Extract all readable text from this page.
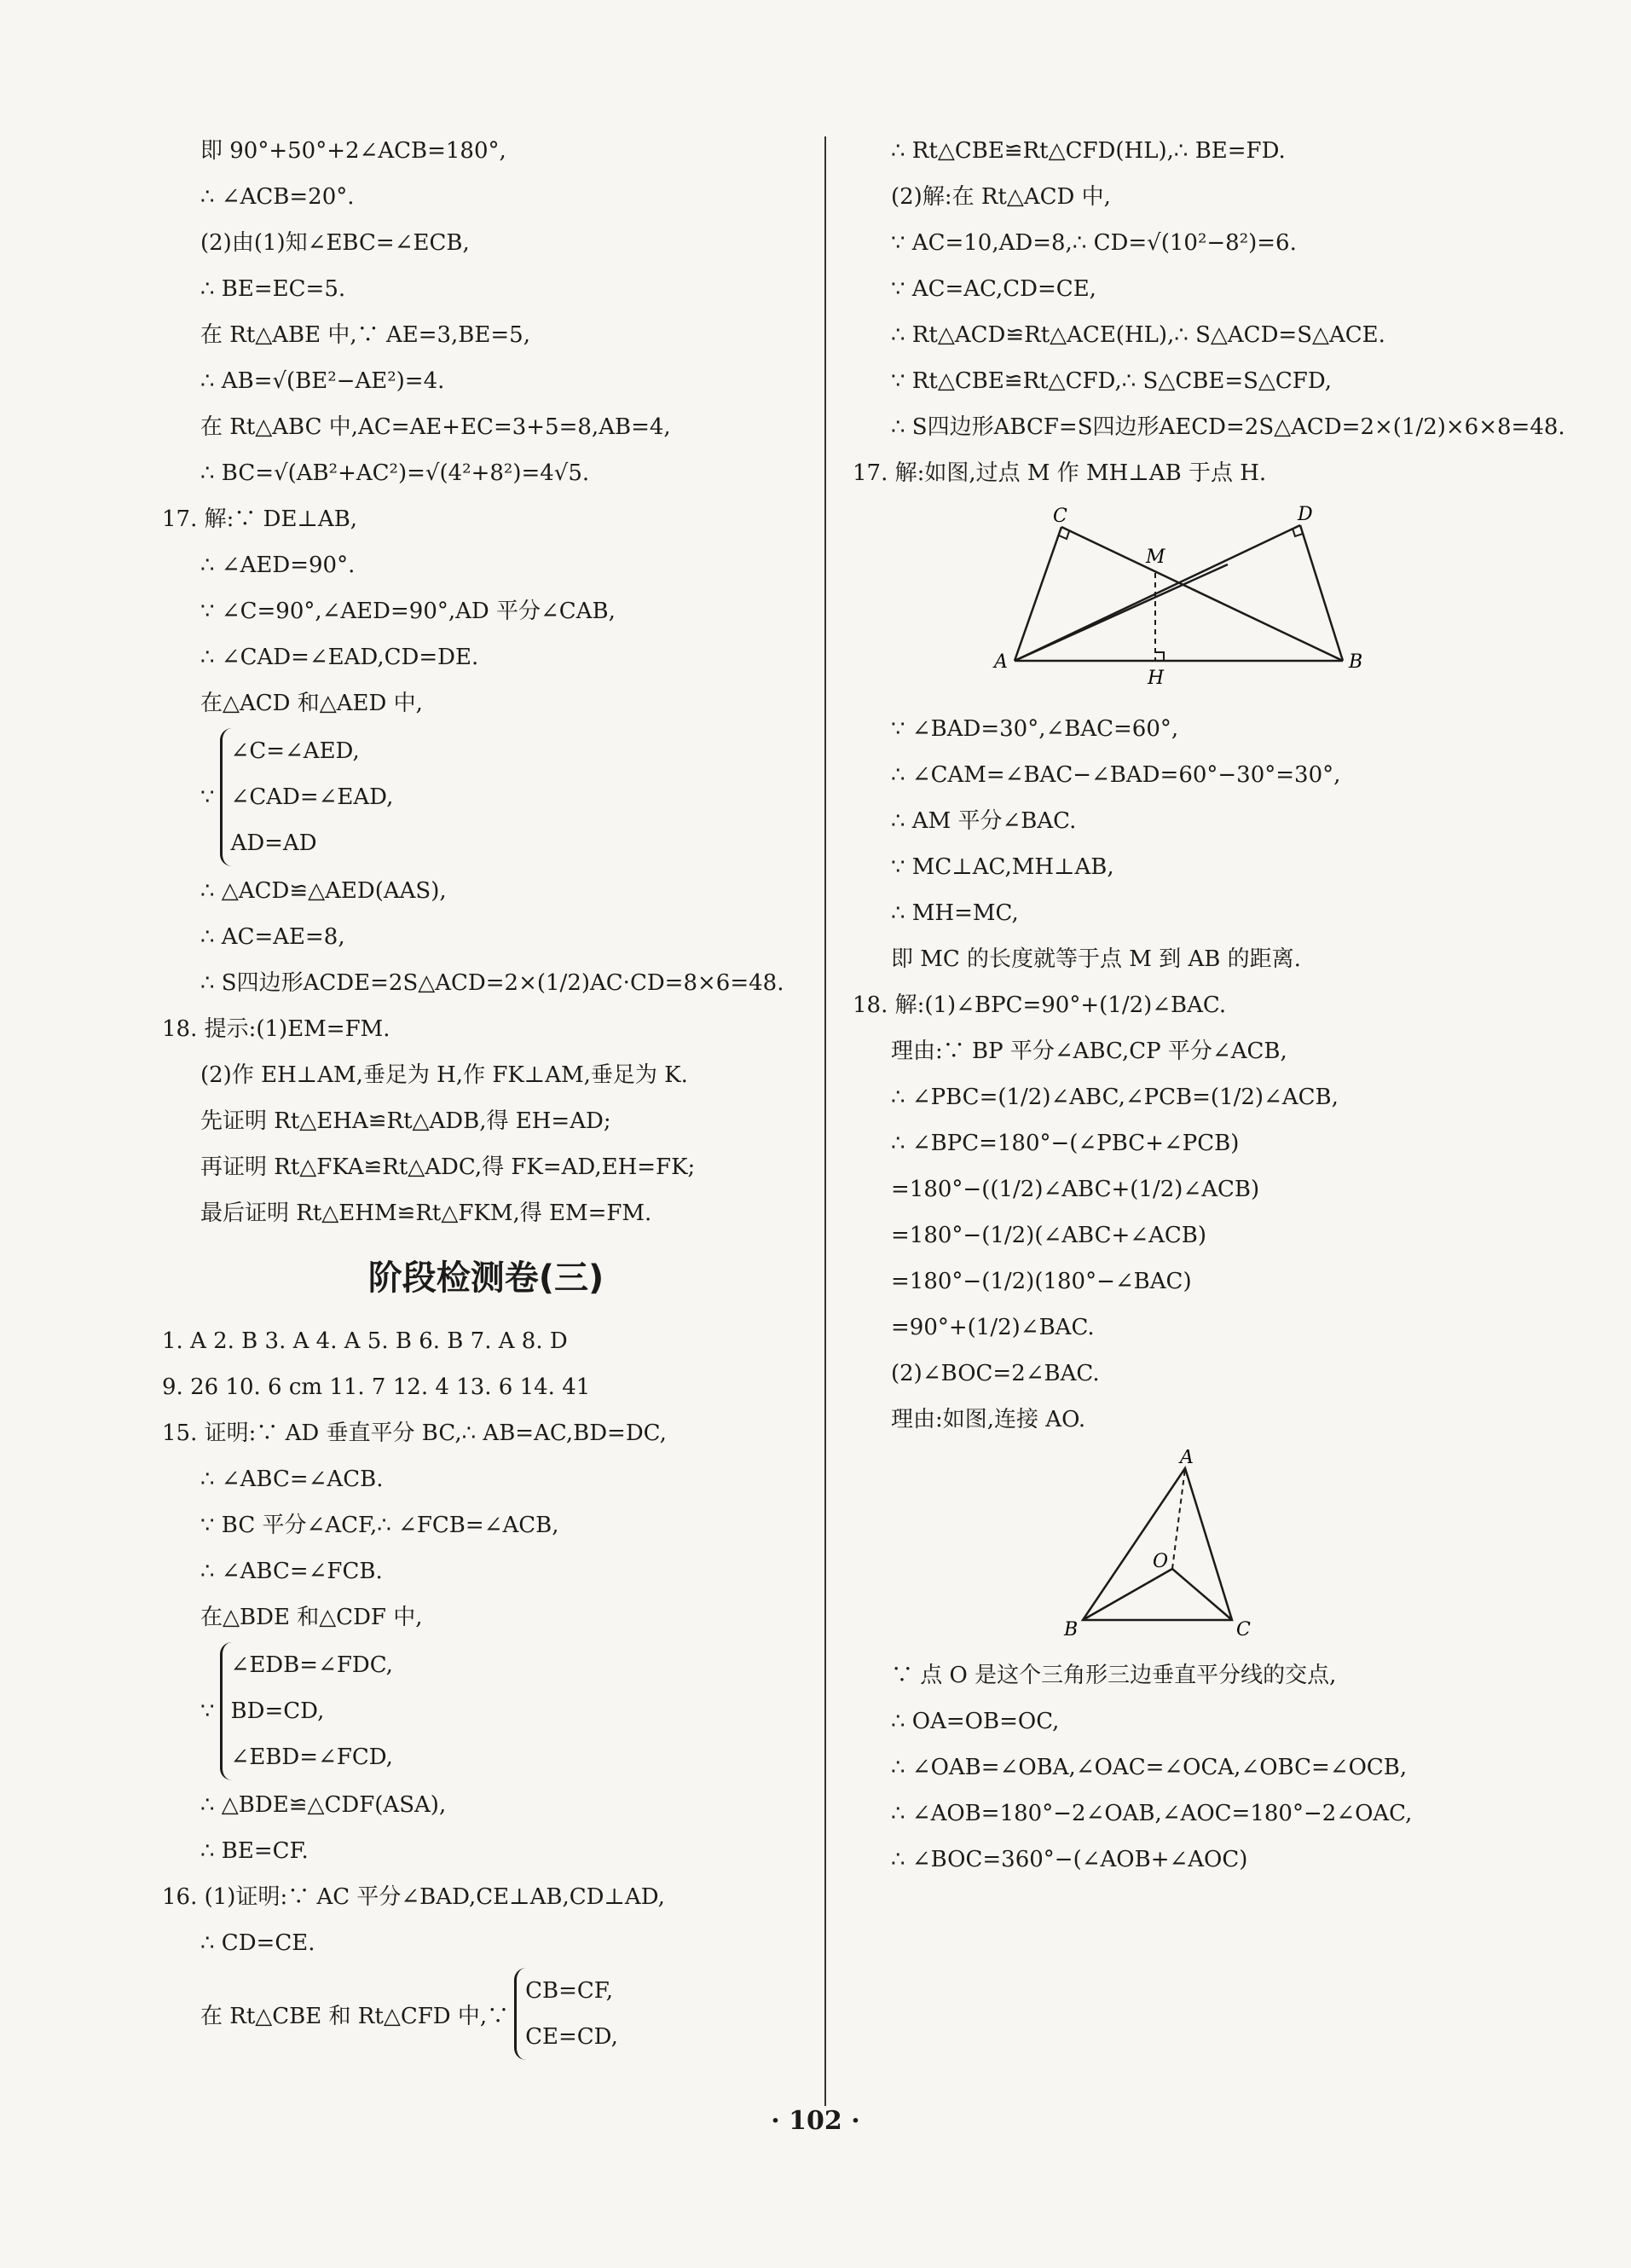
即 90°+50°+2∠ACB=180°,
∴ ∠ACB=20°.
(2)由(1)知∠EBC=∠ECB,
∴ BE=EC=5.
在 Rt△ABE 中,∵ AE=3,BE=5,
∴ AB=√(BE²−AE²)=4.
在 Rt△ABC 中,AC=AE+EC=3+5=8,AB=4,
∴ BC=√(AB²+AC²)=√(4²+8²)=4√5.
17. 解:∵ DE⊥AB,
∴ ∠AED=90°.
∵ ∠C=90°,∠AED=90°,AD 平分∠CAB,
∴ ∠CAD=∠EAD,CD=DE.
在△ACD 和△AED 中,
∵
∠C=∠AED,
∠CAD=∠EAD,
AD=AD
∴ △ACD≌△AED(AAS),
∴ AC=AE=8,
∴ S四边形ACDE=2S△ACD=2×(1/2)AC·CD=8×6=48.
18. 提示:(1)EM=FM.
(2)作 EH⊥AM,垂足为 H,作 FK⊥AM,垂足为 K.
先证明 Rt△EHA≌Rt△ADB,得 EH=AD;
再证明 Rt△FKA≌Rt△ADC,得 FK=AD,EH=FK;
最后证明 Rt△EHM≌Rt△FKM,得 EM=FM.
阶段检测卷(三)
1. A 2. B 3. A 4. A 5. B 6. B 7. A 8. D
9. 26 10. 6 cm 11. 7 12. 4 13. 6 14. 41
15. 证明:∵ AD 垂直平分 BC,∴ AB=AC,BD=DC,
∴ ∠ABC=∠ACB.
∵ BC 平分∠ACF,∴ ∠FCB=∠ACB,
∴ ∠ABC=∠FCB.
在△BDE 和△CDF 中,
∵
∠EDB=∠FDC,
BD=CD,
∠EBD=∠FCD,
∴ △BDE≌△CDF(ASA),
∴ BE=CF.
16. (1)证明:∵ AC 平分∠BAD,CE⊥AB,CD⊥AD,
∴ CD=CE.
在 Rt△CBE 和 Rt△CFD 中,∵
CB=CF,
CE=CD,
∴ Rt△CBE≌Rt△CFD(HL),∴ BE=FD.
(2)解:在 Rt△ACD 中,
∵ AC=10,AD=8,∴ CD=√(10²−8²)=6.
∵ AC=AC,CD=CE,
∴ Rt△ACD≌Rt△ACE(HL),∴ S△ACD=S△ACE.
∵ Rt△CBE≌Rt△CFD,∴ S△CBE=S△CFD,
∴ S四边形ABCF=S四边形AECD=2S△ACD=2×(1/2)×6×8=48.
17. 解:如图,过点 M 作 MH⊥AB 于点 H.
A	B
C	D
M
H
∵ ∠BAD=30°,∠BAC=60°,
∴ ∠CAM=∠BAC−∠BAD=60°−30°=30°,
∴ AM 平分∠BAC.
∵ MC⊥AC,MH⊥AB,
∴ MH=MC,
即 MC 的长度就等于点 M 到 AB 的距离.
18. 解:(1)∠BPC=90°+(1/2)∠BAC.
理由:∵ BP 平分∠ABC,CP 平分∠ACB,
∴ ∠PBC=(1/2)∠ABC,∠PCB=(1/2)∠ACB,
∴ ∠BPC=180°−(∠PBC+∠PCB)
=180°−((1/2)∠ABC+(1/2)∠ACB)
=180°−(1/2)(∠ABC+∠ACB)
=180°−(1/2)(180°−∠BAC)
=90°+(1/2)∠BAC.
(2)∠BOC=2∠BAC.
理由:如图,连接 AO.
A
B	C
O
∵ 点 O 是这个三角形三边垂直平分线的交点,
∴ OA=OB=OC,
∴ ∠OAB=∠OBA,∠OAC=∠OCA,∠OBC=∠OCB,
∴ ∠AOB=180°−2∠OAB,∠AOC=180°−2∠OAC,
∴ ∠BOC=360°−(∠AOB+∠AOC)
· 102 ·
